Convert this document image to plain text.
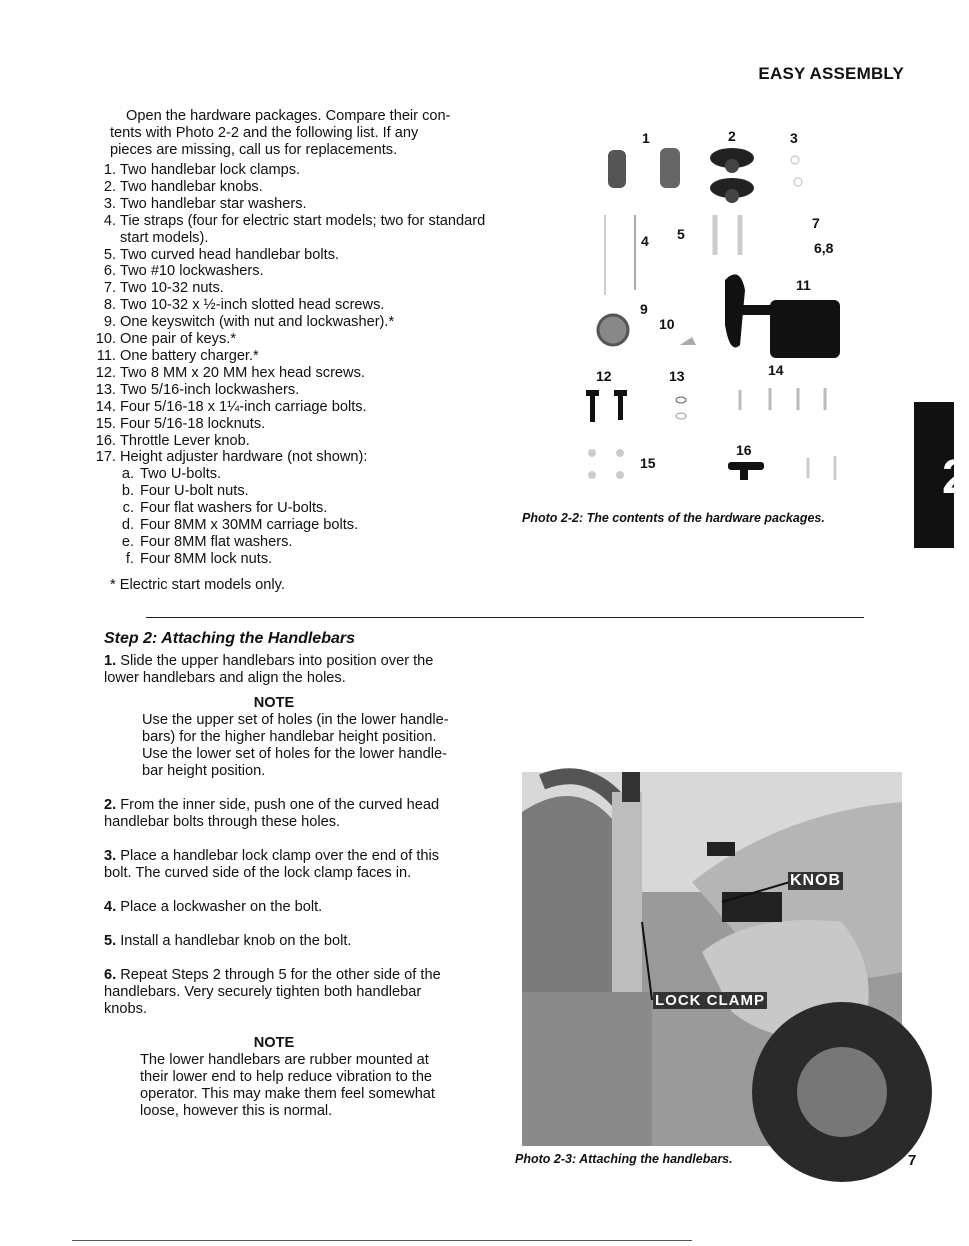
EASY ASSEMBLY

Open the hardware packages. Compare their con-

tents with Photo 2-2 and the following list. If any

pieces are missing, call us for replacements.

1. Two handlebar lock clamps.
2. Two handlebar knobs.
3. Two handlebar star washers.
4. Tie straps (four for electric start models; two for standard start models).
5. Two curved head handlebar bolts.
6. Two #10 lockwashers.
7. Two 10-32 nuts.
8. Two 10-32 x ½-inch slotted head screws.
9. One keyswitch (with nut and lockwasher).*
10. One pair of keys.*
11. One battery charger.*
12. Two 8 MM x 20 MM hex head screws.
13. Two 5/16-inch lockwashers.
14. Four 5/16-18 x 1¼-inch carriage bolts.
15. Four 5/16-18 locknuts.
16. Throttle Lever knob.
17. Height adjuster hardware (not shown):
a. Two U-bolts.
b. Four U-bolt nuts.
c. Four flat washers for U-bolts.
d. Four 8MM x 30MM carriage bolts.
e. Four 8MM flat washers.
f. Four 8MM lock nuts.
* Electric start models only.
1	2	3
4 5
7
6,8
9
10
11
12	13	14
15
16
Photo 2-2: The contents of the hardware packages.
2
Step 2: Attaching the Handlebars

1. Slide the upper handlebars into position over the

lower handlebars and align the holes.

NOTE

Use the upper set of holes (in the lower handle-

bars) for the higher handlebar height position.

Use the lower set of holes for the lower handle-

bar height position.

2. From the inner side, push one of the curved head

handlebar bolts through these holes.

3. Place a handlebar lock clamp over the end of this

bolt. The curved side of the lock clamp faces in.

4. Place a lockwasher on the bolt.

5. Install a handlebar knob on the bolt.

6. Repeat Steps 2 through 5 for the other side of the

handlebars. Very securely tighten both handlebar

knobs.

NOTE

The lower handlebars are rubber mounted at

their lower end to help reduce vibration to the

operator. This may make them feel somewhat

loose, however this is normal.

KNOB
LOCK CLAMP
Photo 2-3: Attaching the handlebars.	7
